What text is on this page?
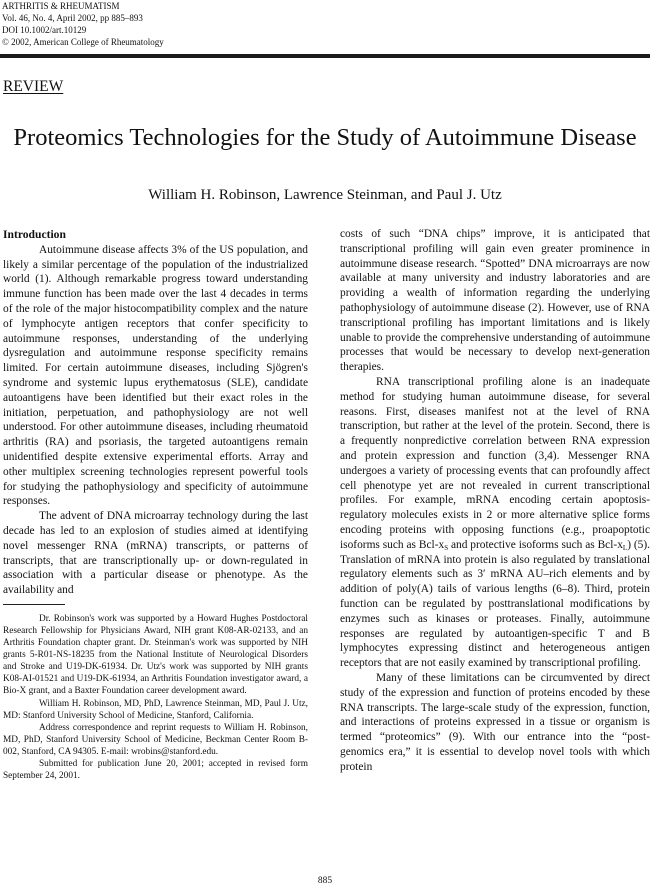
ARTHRITIS & RHEUMATISM
Vol. 46, No. 4, April 2002, pp 885–893
DOI 10.1002/art.10129
© 2002, American College of Rheumatology
REVIEW
Proteomics Technologies for the Study of Autoimmune Disease
William H. Robinson, Lawrence Steinman, and Paul J. Utz

Introduction

Autoimmune disease affects 3% of the US population, and likely a similar percentage of the population of the industrialized world (1). Although remarkable progress toward understanding immune function has been made over the last 4 decades in terms of the role of the major histocompatibility complex and the nature of lymphocyte antigen receptors that confer specificity to autoimmune responses, understanding of the underlying dysregulation and autoimmune response specificity remains limited. For certain autoimmune diseases, including Sjögren's syndrome and systemic lupus erythematosus (SLE), candidate autoantigens have been identified but their exact roles in the initiation, perpetuation, and pathophysiology are not well understood. For other autoimmune diseases, including rheumatoid arthritis (RA) and psoriasis, the targeted autoantigens remain unidentified despite extensive experimental efforts. Array and other multiplex screening technologies represent powerful tools for studying the pathophysiology and specificity of autoimmune responses.

The advent of DNA microarray technology during the last decade has led to an explosion of studies aimed at identifying novel messenger RNA (mRNA) transcripts, or patterns of transcripts, that are transcriptionally up- or down-regulated in association with a particular disease or phenotype. As the availability and

Dr. Robinson's work was supported by a Howard Hughes Postdoctoral Research Fellowship for Physicians Award, NIH grant K08-AR-02133, and an Arthritis Foundation chapter grant. Dr. Steinman's work was supported by NIH grants 5-R01-NS-18235 from the National Institute of Neurological Disorders and Stroke and U19-DK-61934. Dr. Utz's work was supported by NIH grants K08-AI-01521 and U19-DK-61934, an Arthritis Foundation investigator award, a Bio-X grant, and a Baxter Foundation career development award.

William H. Robinson, MD, PhD, Lawrence Steinman, MD, Paul J. Utz, MD: Stanford University School of Medicine, Stanford, California.

Address correspondence and reprint requests to William H. Robinson, MD, PhD, Stanford University School of Medicine, Beckman Center Room B-002, Stanford, CA 94305. E-mail: wrobins@stanford.edu.

Submitted for publication June 20, 2001; accepted in revised form September 24, 2001.

costs of such “DNA chips” improve, it is anticipated that transcriptional profiling will gain even greater prominence in autoimmune disease research. “Spotted” DNA microarrays are now available at many university and industry laboratories and are providing a wealth of information regarding the underlying pathophysiology of autoimmune disease (2). However, use of RNA transcriptional profiling has important limitations and is likely unable to provide the comprehensive understanding of autoimmune processes that would be necessary to develop next-generation therapies.

RNA transcriptional profiling alone is an inadequate method for studying human autoimmune disease, for several reasons. First, diseases manifest not at the level of RNA transcription, but rather at the level of the protein. Second, there is a frequently nonpredictive correlation between RNA expression and protein expression and function (3,4). Messenger RNA undergoes a variety of processing events that can profoundly affect cell phenotype yet are not revealed in current transcriptional profiles. For example, mRNA encoding certain apoptosis-regulatory molecules exists in 2 or more alternative splice forms encoding proteins with opposing functions (e.g., proapoptotic isoforms such as Bcl-$x_S$ and protective isoforms such as Bcl-$x_L$) (5). Translation of mRNA into protein is also regulated by translational regulatory elements such as 3′ mRNA AU–rich elements and by addition of poly(A) tails of various lengths (6–8). Third, protein function can be regulated by posttranslational modifications by enzymes such as kinases or proteases. Finally, autoimmune responses are regulated by autoantigen-specific T and B lymphocytes expressing distinct and heterogeneous antigen receptors that are not easily examined by transcriptional profiling.

Many of these limitations can be circumvented by direct study of the expression and function of proteins encoded by these RNA transcripts. The large-scale study of the expression, function, and interactions of proteins expressed in a tissue or organism is termed “proteomics” (9). With our entrance into the “post-genomics era,” it is essential to develop novel tools with which protein

885
